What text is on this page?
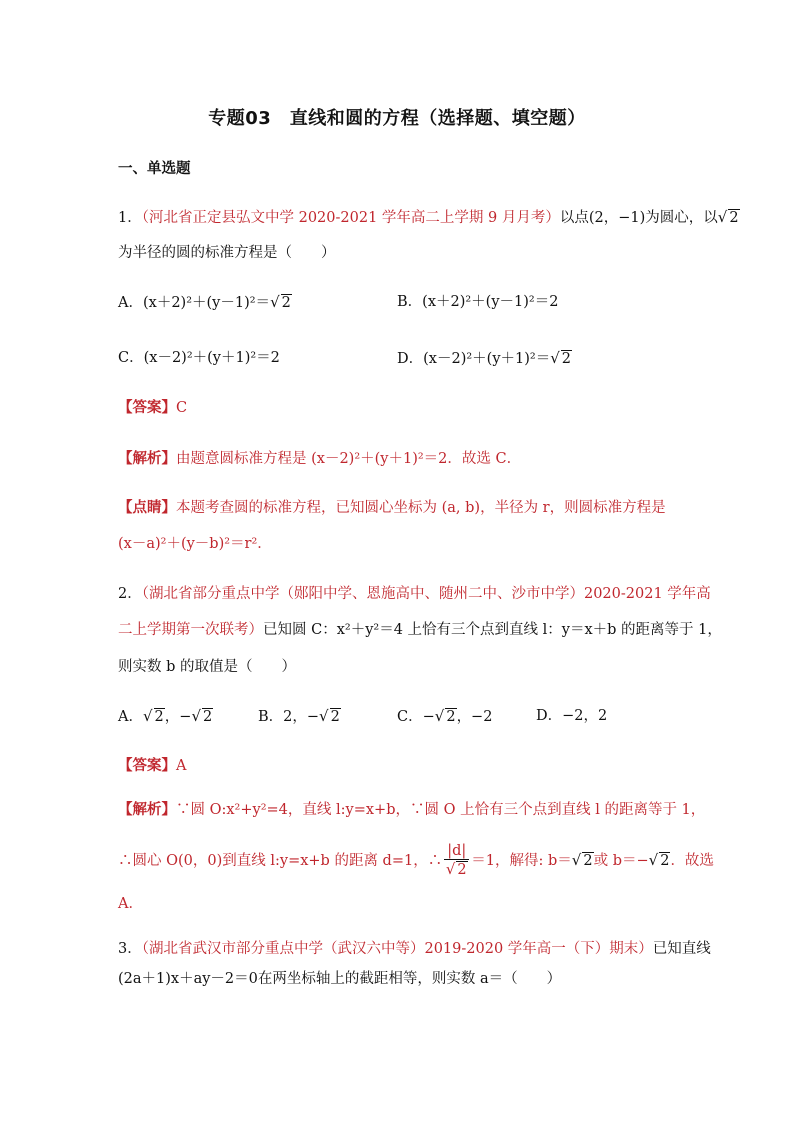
专题03　直线和圆的方程（选择题、填空题）
一、单选题
1．（河北省正定县弘文中学 2020-2021 学年高二上学期 9 月月考）以点(2，−1)为圆心，以√ 2
为半径的圆的标准方程是（　　）
A．(x＋2)²＋(y－1)²＝√ 2	B．(x＋2)²＋(y－1)²＝2
C．(x－2)²＋(y＋1)²＝2	D．(x－2)²＋(y＋1)²＝√ 2
【答案】C
【解析】由题意圆标准方程是 (x－2)²＋(y＋1)²＝2．故选 C．
【点睛】本题考查圆的标准方程，已知圆心坐标为 (a, b)，半径为 r，则圆标准方程是
(x－a)²＋(y－b)²＝r²．
2．（湖北省部分重点中学（郧阳中学、恩施高中、随州二中、沙市中学）2020-2021 学年高
二上学期第一次联考）已知圆 C：x²＋y²＝4 上恰有三个点到直线 l：y＝x＋b 的距离等于 1，
则实数 b 的取值是（　　）
A．√ 2，−√ 2	B．2，−√ 2	C．−√ 2，−2	D．−2，2
【答案】A
【解析】∵圆 O:x²+y²=4，直线 l:y=x+b，∵圆 O 上恰有三个点到直线 l 的距离等于 1，
∴圆心 O(0，0)到直线 l:y=x+b 的距离 d=1，∴ $\frac{|d|}{√ 2} =1$，解得: b＝√ 2或 b＝−√ 2．故选
A．
3．（湖北省武汉市部分重点中学（武汉六中等）2019-2020 学年高一（下）期末）已知直线
(2a＋1)x＋ay－2＝0在两坐标轴上的截距相等，则实数 a＝（　　）
